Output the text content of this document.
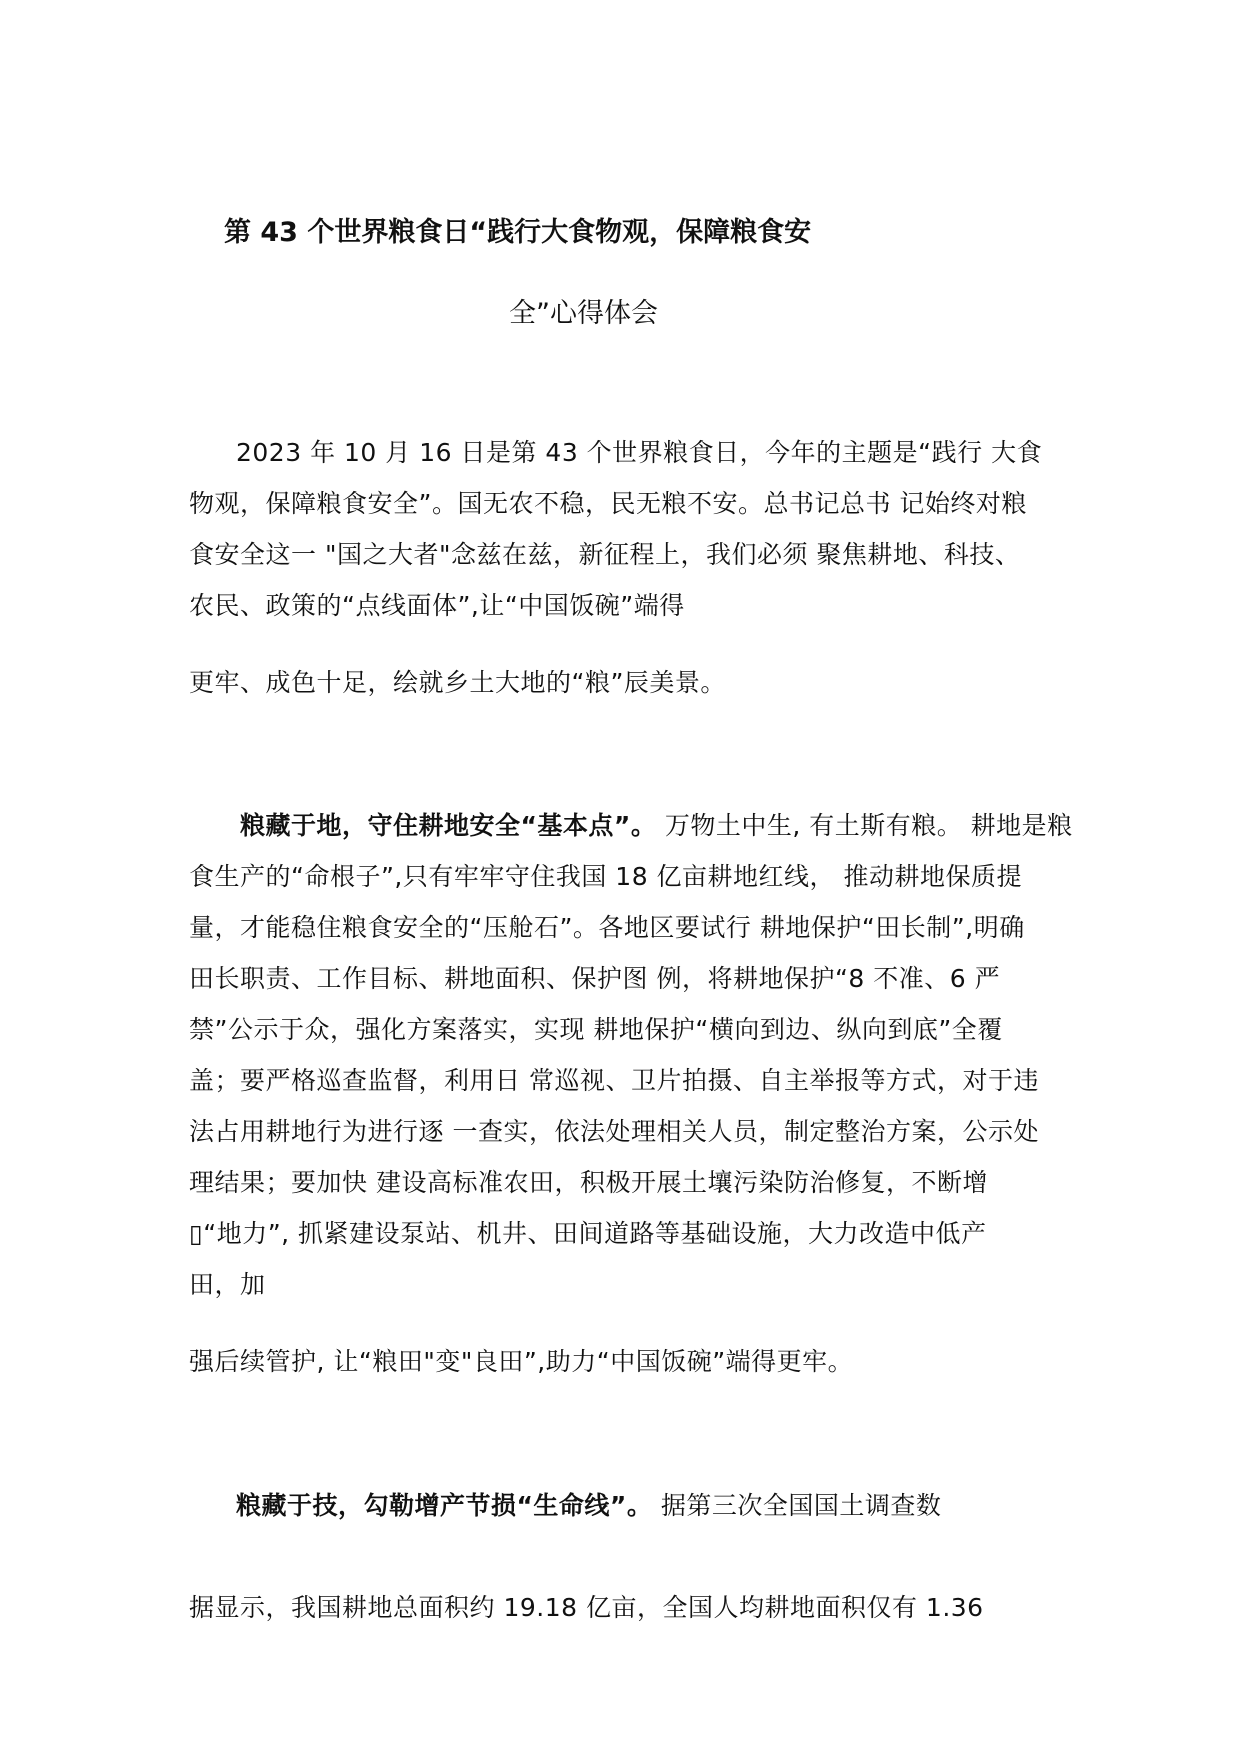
第 43 个世界粮食日“践行大食物观，保障粮食安
全”心得体会
2023 年 10 月 16 日是第 43 个世界粮食日，今年的主题是“践行 大食
物观，保障粮食安全”。国无农不稳，民无粮不安。总书记总书 记始终对粮
食安全这一 "国之大者"念兹在兹，新征程上，我们必须 聚焦耕地、科技、
农民、政策的“点线面体”,让“中国饭碗”端得
更牢、成色十足，绘就乡土大地的“粮”辰美景。
粮藏于地，守住耕地安全“基本点”。 万物土中生, 有土斯有粮。 耕地是粮
食生产的“命根子”,只有牢牢守住我国 18 亿亩耕地红线， 推动耕地保质提
量，才能稳住粮食安全的“压舱石”。各地区要试行 耕地保护“田长制”,明确
田长职责、工作目标、耕地面积、保护图 例，将耕地保护“8 不准、6 严
禁”公示于众，强化方案落实，实现 耕地保护“横向到边、纵向到底”全覆
盖；要严格巡查监督，利用日 常巡视、卫片拍摄、自主举报等方式，对于违
法占用耕地行为进行逐 一查实，依法处理相关人员，制定整治方案，公示处
理结果；要加快 建设高标准农田，积极开展土壤污染防治修复，不断增
▯“地力”, 抓紧建设泵站、机井、田间道路等基础设施，大力改造中低产
田，加
强后续管护, 让“粮田"变"良田”,助力“中国饭碗”端得更牢。
粮藏于技，勾勒增产节损“生命线”。 据第三次全国国土调查数
据显示，我国耕地总面积约 19.18 亿亩，全国人均耕地面积仅有 1.36
